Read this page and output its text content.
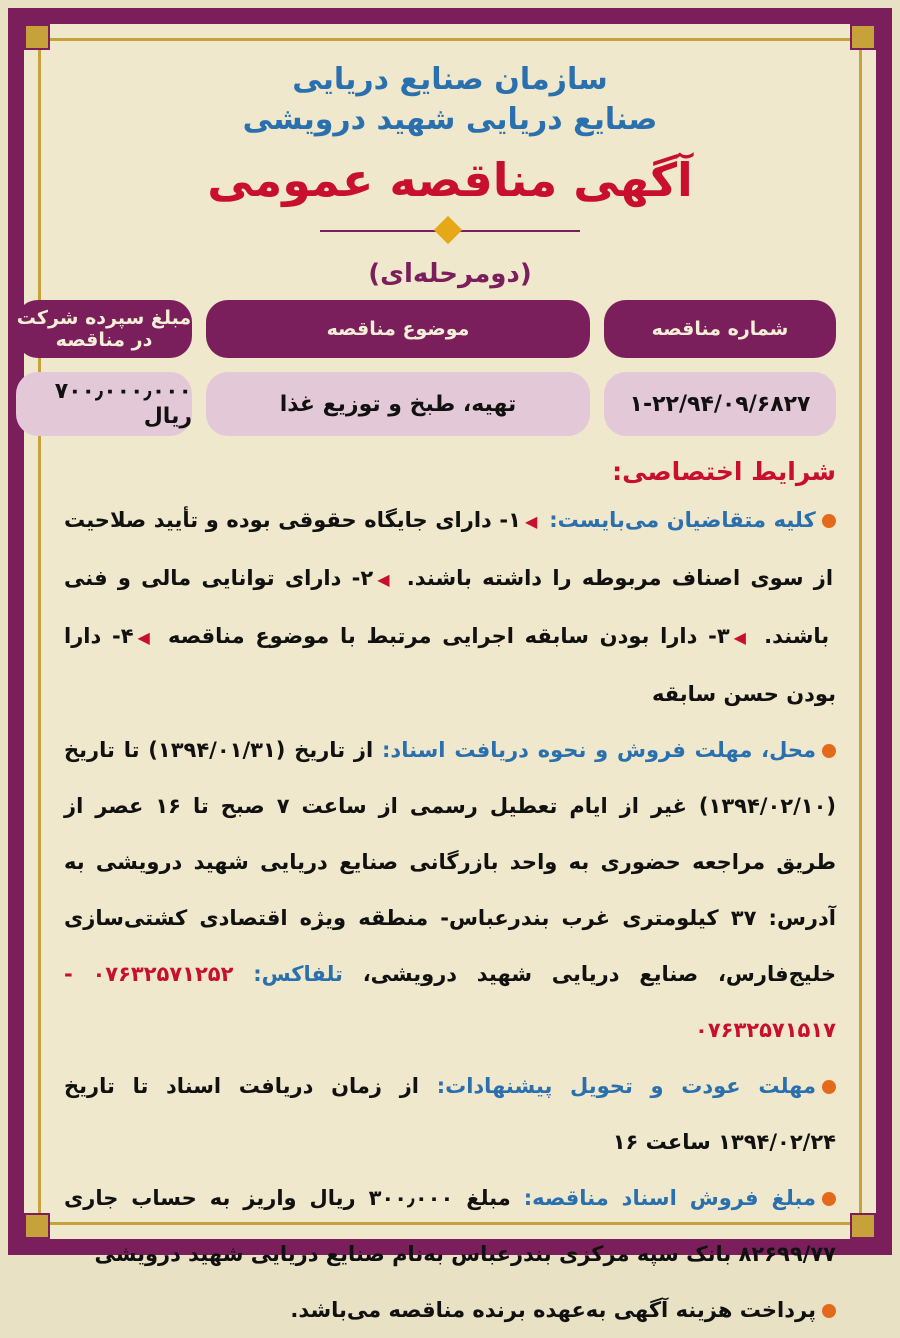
سازمان صنایع دریایی
صنایع دریایی شهید درویشی
آگهی مناقصه عمومی
(دومرحله‌ای)
شماره مناقصه
موضوع مناقصه
مبلغ سپرده شرکت در مناقصه
۱-۲۲/۹۴/۰۹/۶۸۲۷
تهیه، طبخ و توزیع غذا
۷۰۰٫۰۰۰٫۰۰۰ ریال
شرایط اختصاصی:
کلیه متقاضیان می‌بایست: ◀۱- دارای جایگاه حقوقی بوده و تأیید صلاحیت از سوی اصناف مربوطه را داشته باشند. ◀۲- دارای توانایی مالی و فنی باشند. ◀۳- دارا بودن سابقه اجرایی مرتبط با موضوع مناقصه ◀۴- دارا بودن حسن سابقه
محل، مهلت فروش و نحوه دریافت اسناد: از تاریخ (۱۳۹۴/۰۱/۳۱) تا تاریخ (۱۳۹۴/۰۲/۱۰) غیر از ایام تعطیل رسمی از ساعت ۷ صبح تا ۱۶ عصر از طریق مراجعه حضوری به واحد بازرگانی صنایع دریایی شهید درویشی به آدرس: ۳۷ کیلومتری غرب بندرعباس- منطقه ویژه اقتصادی کشتی‌سازی خلیج‌فارس، صنایع دریایی شهید درویشی، تلفاکس: ۰۷۶۳۲۵۷۱۲۵۲ - ۰۷۶۳۲۵۷۱۵۱۷
مهلت عودت و تحویل پیشنهادات: از زمان دریافت اسناد تا تاریخ ۱۳۹۴/۰۲/۲۴ ساعت ۱۶
مبلغ فروش اسناد مناقصه: مبلغ ۳۰۰٫۰۰۰ ریال واریز به حساب جاری ۸۲۶۹۹/۷۷ بانک سپه مرکزی بندرعباس به‌نام صنایع دریایی شهید درویشی
پرداخت هزینه آگهی به‌عهده برنده مناقصه می‌باشد.
